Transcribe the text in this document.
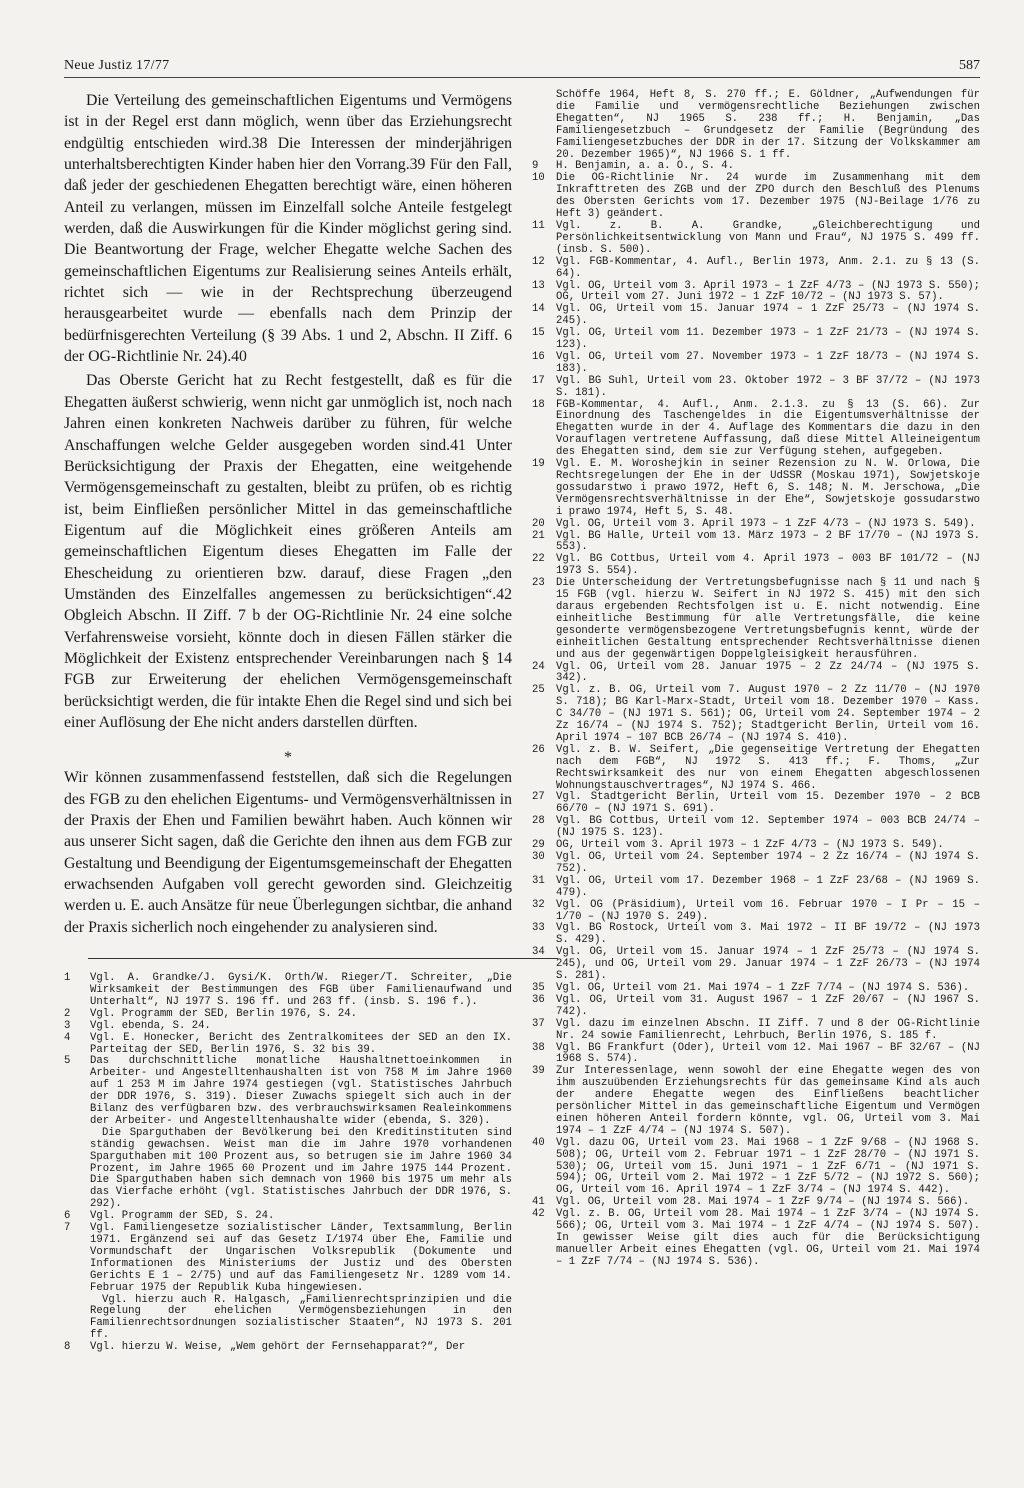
Neue Justiz 17/77	587

Die Verteilung des gemeinschaftlichen Eigentums und Vermögens ist in der Regel erst dann möglich, wenn über das Erziehungsrecht endgültig entschieden wird.38 Die Interessen der minderjährigen unterhaltsberechtigten Kinder haben hier den Vorrang.39 Für den Fall, daß jeder der geschiedenen Ehegatten berechtigt wäre, einen höheren Anteil zu verlangen, müssen im Einzelfall solche Anteile festgelegt werden, daß die Auswirkungen für die Kinder möglichst gering sind. Die Beantwortung der Frage, welcher Ehegatte welche Sachen des gemeinschaftlichen Eigentums zur Realisierung seines Anteils erhält, richtet sich — wie in der Rechtsprechung überzeugend herausgearbeitet wurde — ebenfalls nach dem Prinzip der bedürfnisgerechten Verteilung (§ 39 Abs. 1 und 2, Abschn. II Ziff. 6 der OG-Richtlinie Nr. 24).40

Das Oberste Gericht hat zu Recht festgestellt, daß es für die Ehegatten äußerst schwierig, wenn nicht gar unmöglich ist, noch nach Jahren einen konkreten Nachweis darüber zu führen, für welche Anschaffungen welche Gelder ausgegeben worden sind.41 Unter Berücksichtigung der Praxis der Ehegatten, eine weitgehende Vermögensgemeinschaft zu gestalten, bleibt zu prüfen, ob es richtig ist, beim Einfließen persönlicher Mittel in das gemeinschaftliche Eigentum auf die Möglichkeit eines größeren Anteils am gemeinschaftlichen Eigentum dieses Ehegatten im Falle der Ehescheidung zu orientieren bzw. darauf, diese Fragen „den Umständen des Einzelfalles angemessen zu berücksichtigen“.42 Obgleich Abschn. II Ziff. 7 b der OG-Richtlinie Nr. 24 eine solche Verfahrensweise vorsieht, könnte doch in diesen Fällen stärker die Möglichkeit der Existenz entsprechender Vereinbarungen nach § 14 FGB zur Erweiterung der ehelichen Vermögensgemeinschaft berücksichtigt werden, die für intakte Ehen die Regel sind und sich bei einer Auflösung der Ehe nicht anders darstellen dürften.

*

Wir können zusammenfassend feststellen, daß sich die Regelungen des FGB zu den ehelichen Eigentums- und Vermögensverhältnissen in der Praxis der Ehen und Familien bewährt haben. Auch können wir aus unserer Sicht sagen, daß die Gerichte den ihnen aus dem FGB zur Gestaltung und Beendigung der Eigentumsgemeinschaft der Ehegatten erwachsenden Aufgaben voll gerecht geworden sind. Gleichzeitig werden u. E. auch Ansätze für neue Überlegungen sichtbar, die anhand der Praxis sicherlich noch eingehender zu analysieren sind.

1	Vgl. A. Grandke/J. Gysi/K. Orth/W. Rieger/T. Schreiter, „Die Wirksamkeit der Bestimmungen des FGB über Familienaufwand und Unterhalt“, NJ 1977 S. 196 ff. und 263 ff. (insb. S. 196 f.).
2	Vgl. Programm der SED, Berlin 1976, S. 24.
3	Vgl. ebenda, S. 24.
4	Vgl. E. Honecker, Bericht des Zentralkomitees der SED an den IX. Parteitag der SED, Berlin 1976, S. 32 bis 39.
5	Das durchschnittliche monatliche Haushaltnettoeinkommen in Arbeiter- und Angestelltenhaushalten ist von 758 M im Jahre 1960 auf 1 253 M im Jahre 1974 gestiegen (vgl. Statistisches Jahrbuch der DDR 1976, S. 319). Dieser Zuwachs spiegelt sich auch in der Bilanz des verfügbaren bzw. des verbrauchswirksamen Realeinkommens der Arbeiter- und Angestelltenhaushalte wider (ebenda, S. 320).
Die Sparguthaben der Bevölkerung bei den Kreditinstituten sind ständig gewachsen. Weist man die im Jahre 1970 vorhandenen Sparguthaben mit 100 Prozent aus, so betrugen sie im Jahre 1960 34 Prozent, im Jahre 1965 60 Prozent und im Jahre 1975 144 Prozent. Die Sparguthaben haben sich demnach von 1960 bis 1975 um mehr als das Vierfache erhöht (vgl. Statistisches Jahrbuch der DDR 1976, S. 292).
6	Vgl. Programm der SED, S. 24.
7	Vgl. Familiengesetze sozialistischer Länder, Textsammlung, Berlin 1971. Ergänzend sei auf das Gesetz I/1974 über Ehe, Familie und Vormundschaft der Ungarischen Volksrepublik (Dokumente und Informationen des Ministeriums der Justiz und des Obersten Gerichts E 1 – 2/75) und auf das Familiengesetz Nr. 1289 vom 14. Februar 1975 der Republik Kuba hingewiesen.
Vgl. hierzu auch R. Halgasch, „Familienrechtsprinzipien und die Regelung der ehelichen Vermögensbeziehungen in den Familienrechtsordnungen sozialistischer Staaten“, NJ 1973 S. 201 ff.
8	Vgl. hierzu W. Weise, „Wem gehört der Fernsehapparat?“, Der
Schöffe 1964, Heft 8, S. 270 ff.; E. Göldner, „Aufwendungen für die Familie und vermögensrechtliche Beziehungen zwischen Ehegatten“, NJ 1965 S. 238 ff.; H. Benjamin, „Das Familiengesetzbuch – Grundgesetz der Familie (Begründung des Familiengesetzbuches der DDR in der 17. Sitzung der Volkskammer am 20. Dezember 1965)“, NJ 1966 S. 1 ff.
9	H. Benjamin, a. a. O., S. 4.
10	Die OG-Richtlinie Nr. 24 wurde im Zusammenhang mit dem Inkrafttreten des ZGB und der ZPO durch den Beschluß des Plenums des Obersten Gerichts vom 17. Dezember 1975 (NJ-Beilage 1/76 zu Heft 3) geändert.
11	Vgl. z. B. A. Grandke, „Gleichberechtigung und Persönlichkeitsentwicklung von Mann und Frau“, NJ 1975 S. 499 ff. (insb. S. 500).
12	Vgl. FGB-Kommentar, 4. Aufl., Berlin 1973, Anm. 2.1. zu § 13 (S. 64).
13	Vgl. OG, Urteil vom 3. April 1973 – 1 ZzF 4/73 – (NJ 1973 S. 550); OG, Urteil vom 27. Juni 1972 – 1 ZzF 10/72 – (NJ 1973 S. 57).
14	Vgl. OG, Urteil vom 15. Januar 1974 – 1 ZzF 25/73 – (NJ 1974 S. 245).
15	Vgl. OG, Urteil vom 11. Dezember 1973 – 1 ZzF 21/73 – (NJ 1974 S. 123).
16	Vgl. OG, Urteil vom 27. November 1973 – 1 ZzF 18/73 – (NJ 1974 S. 183).
17	Vgl. BG Suhl, Urteil vom 23. Oktober 1972 – 3 BF 37/72 – (NJ 1973 S. 181).
18	FGB-Kommentar, 4. Aufl., Anm. 2.1.3. zu § 13 (S. 66). Zur Einordnung des Taschengeldes in die Eigentumsverhältnisse der Ehegatten wurde in der 4. Auflage des Kommentars die dazu in den Vorauflagen vertretene Auffassung, daß diese Mittel Alleineigentum des Ehegatten sind, dem sie zur Verfügung stehen, aufgegeben.
19	Vgl. E. M. Woroshejkin in seiner Rezension zu N. W. Orlowa, Die Rechtsregelungen der Ehe in der UdSSR (Moskau 1971), Sowjetskoje gossudarstwo i prawo 1972, Heft 6, S. 148; N. M. Jerschowa, „Die Vermögensrechtsverhältnisse in der Ehe“, Sowjetskoje gossudarstwo i prawo 1974, Heft 5, S. 48.
20	Vgl. OG, Urteil vom 3. April 1973 – 1 ZzF 4/73 – (NJ 1973 S. 549).
21	Vgl. BG Halle, Urteil vom 13. März 1973 – 2 BF 17/70 – (NJ 1973 S. 553).
22	Vgl. BG Cottbus, Urteil vom 4. April 1973 – 003 BF 101/72 – (NJ 1973 S. 554).
23	Die Unterscheidung der Vertretungsbefugnisse nach § 11 und nach § 15 FGB (vgl. hierzu W. Seifert in NJ 1972 S. 415) mit den sich daraus ergebenden Rechtsfolgen ist u. E. nicht notwendig. Eine einheitliche Bestimmung für alle Vertretungsfälle, die keine gesonderte vermögensbezogene Vertretungsbefugnis kennt, würde der einheitlichen Gestaltung entsprechender Rechtsverhältnisse dienen und aus der gegenwärtigen Doppelgleisigkeit herausführen.
24	Vgl. OG, Urteil vom 28. Januar 1975 – 2 Zz 24/74 – (NJ 1975 S. 342).
25	Vgl. z. B. OG, Urteil vom 7. August 1970 – 2 Zz 11/70 – (NJ 1970 S. 718); BG Karl-Marx-Stadt, Urteil vom 18. Dezember 1970 – Kass. C 34/70 – (NJ 1971 S. 561); OG, Urteil vom 24. September 1974 – 2 Zz 16/74 – (NJ 1974 S. 752); Stadtgericht Berlin, Urteil vom 16. April 1974 – 107 BCB 26/74 – (NJ 1974 S. 410).
26	Vgl. z. B. W. Seifert, „Die gegenseitige Vertretung der Ehegatten nach dem FGB“, NJ 1972 S. 413 ff.; F. Thoms, „Zur Rechtswirksamkeit des nur von einem Ehegatten abgeschlossenen Wohnungstauschvertrages“, NJ 1974 S. 466.
27	Vgl. Stadtgericht Berlin, Urteil vom 15. Dezember 1970 – 2 BCB 66/70 – (NJ 1971 S. 691).
28	Vgl. BG Cottbus, Urteil vom 12. September 1974 – 003 BCB 24/74 – (NJ 1975 S. 123).
29	OG, Urteil vom 3. April 1973 – 1 ZzF 4/73 – (NJ 1973 S. 549).
30	Vgl. OG, Urteil vom 24. September 1974 – 2 Zz 16/74 – (NJ 1974 S. 752).
31	Vgl. OG, Urteil vom 17. Dezember 1968 – 1 ZzF 23/68 – (NJ 1969 S. 479).
32	Vgl. OG (Präsidium), Urteil vom 16. Februar 1970 – I Pr – 15 – 1/70 – (NJ 1970 S. 249).
33	Vgl. BG Rostock, Urteil vom 3. Mai 1972 – II BF 19/72 – (NJ 1973 S. 429).
34	Vgl. OG, Urteil vom 15. Januar 1974 – 1 ZzF 25/73 – (NJ 1974 S. 245), und OG, Urteil vom 29. Januar 1974 – 1 ZzF 26/73 – (NJ 1974 S. 281).
35	Vgl. OG, Urteil vom 21. Mai 1974 – 1 ZzF 7/74 – (NJ 1974 S. 536).
36	Vgl. OG, Urteil vom 31. August 1967 – 1 ZzF 20/67 – (NJ 1967 S. 742).
37	Vgl. dazu im einzelnen Abschn. II Ziff. 7 und 8 der OG-Richtlinie Nr. 24 sowie Familienrecht, Lehrbuch, Berlin 1976, S. 185 f.
38	Vgl. BG Frankfurt (Oder), Urteil vom 12. Mai 1967 – BF 32/67 – (NJ 1968 S. 574).
39	Zur Interessenlage, wenn sowohl der eine Ehegatte wegen des von ihm auszuübenden Erziehungsrechts für das gemeinsame Kind als auch der andere Ehegatte wegen des Einfließens beachtlicher persönlicher Mittel in das gemeinschaftliche Eigentum und Vermögen einen höheren Anteil fordern könnte, vgl. OG, Urteil vom 3. Mai 1974 – 1 ZzF 4/74 – (NJ 1974 S. 507).
40	Vgl. dazu OG, Urteil vom 23. Mai 1968 – 1 ZzF 9/68 – (NJ 1968 S. 508); OG, Urteil vom 2. Februar 1971 – 1 ZzF 28/70 – (NJ 1971 S. 530); OG, Urteil vom 15. Juni 1971 – 1 ZzF 6/71 – (NJ 1971 S. 594); OG, Urteil vom 2. Mai 1972 – 1 ZzF 5/72 – (NJ 1972 S. 560); OG, Urteil vom 16. April 1974 – 1 ZzF 3/74 – (NJ 1974 S. 442).
41	Vgl. OG, Urteil vom 28. Mai 1974 – 1 ZzF 9/74 – (NJ 1974 S. 566).
42	Vgl. z. B. OG, Urteil vom 28. Mai 1974 – 1 ZzF 3/74 – (NJ 1974 S. 566); OG, Urteil vom 3. Mai 1974 – 1 ZzF 4/74 – (NJ 1974 S. 507). In gewisser Weise gilt dies auch für die Berücksichtigung manueller Arbeit eines Ehegatten (vgl. OG, Urteil vom 21. Mai 1974 – 1 ZzF 7/74 – (NJ 1974 S. 536).
